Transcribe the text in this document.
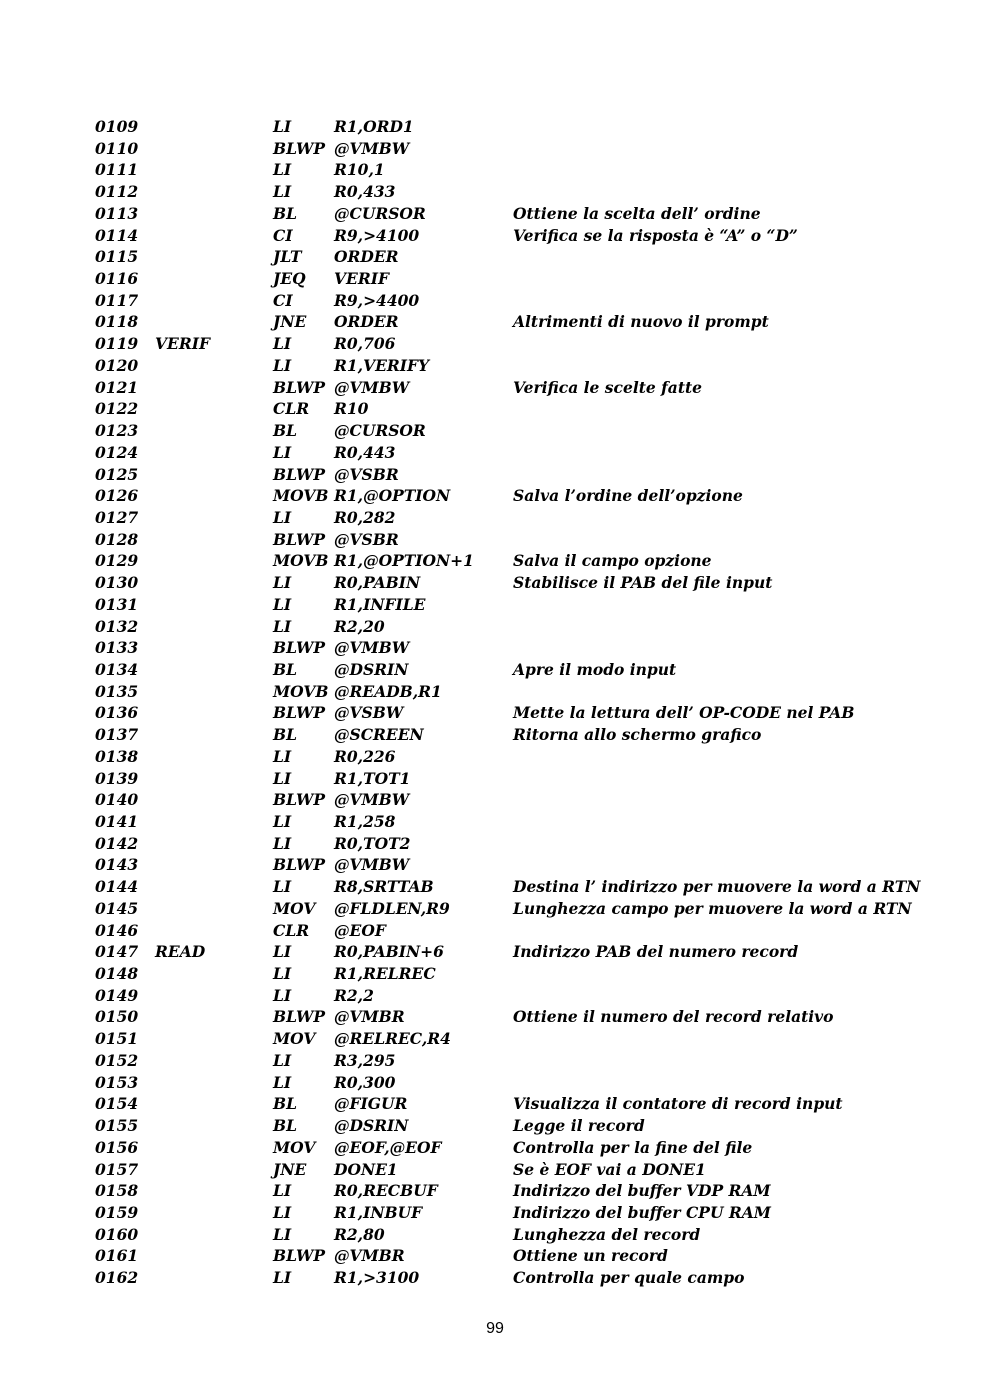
0109	LI	R1,ORD1
0110	BLWP @VMBW
0111	LI	R10,1
0112	LI	R0,433
0113	BL @CURSOR	Ottiene la scelta dell’ ordine
0114	CI	R9,>4100	Verifica se la risposta è “A” o “D”
0115	JLT ORDER
0116	JEQ VERIF
0117	CI	R9,>4400
0118	JNE ORDER	Altrimenti di nuovo il prompt
0119 VERIF	LI	R0,706
0120	LI	R1,VERIFY
0121	BLWP @VMBW	Verifica le scelte fatte
0122	CLR R10
0123	BL @CURSOR
0124	LI	R0,443
0125	BLWP @VSBR
0126	MOVB R1,@OPTION	Salva l’ordine dell’opzione
0127	LI	R0,282
0128	BLWP @VSBR
0129	MOVB R1,@OPTION+1	Salva il campo opzione
0130	LI	R0,PABIN	Stabilisce il PAB del file input
0131	LI	R1,INFILE
0132	LI	R2,20
0133	BLWP @VMBW
0134	BL @DSRIN	Apre il modo input
0135	MOVB @READB,R1
0136	BLWP @VSBW	Mette la lettura dell’ OP-CODE nel PAB
0137	BL @SCREEN	Ritorna allo schermo grafico
0138	LI	R0,226
0139	LI	R1,TOT1
0140	BLWP @VMBW
0141	LI	R1,258
0142	LI	R0,TOT2
0143	BLWP @VMBW
0144	LI	R8,SRTTAB	Destina l’ indirizzo per muovere la word a RTN
0145	MOV @FLDLEN,R9	Lunghezza campo per muovere la word a RTN
0146	CLR @EOF
0147 READ	LI	R0,PABIN+6	Indirizzo PAB del numero record
0148	LI	R1,RELREC
0149	LI	R2,2
0150	BLWP @VMBR	Ottiene il numero del record relativo
0151	MOV @RELREC,R4
0152	LI	R3,295
0153	LI	R0,300
0154	BL @FIGUR	Visualizza il contatore di record input
0155	BL @DSRIN	Legge il record
0156	MOV @EOF,@EOF	Controlla per la fine del file
0157	JNE DONE1	Se è EOF vai a DONE1
0158	LI	R0,RECBUF	Indirizzo del buffer VDP RAM
0159	LI	R1,INBUF	Indirizzo del buffer CPU RAM
0160	LI	R2,80	Lunghezza del record
0161	BLWP @VMBR	Ottiene un record
0162	LI	R1,>3100	Controlla per quale campo
99
